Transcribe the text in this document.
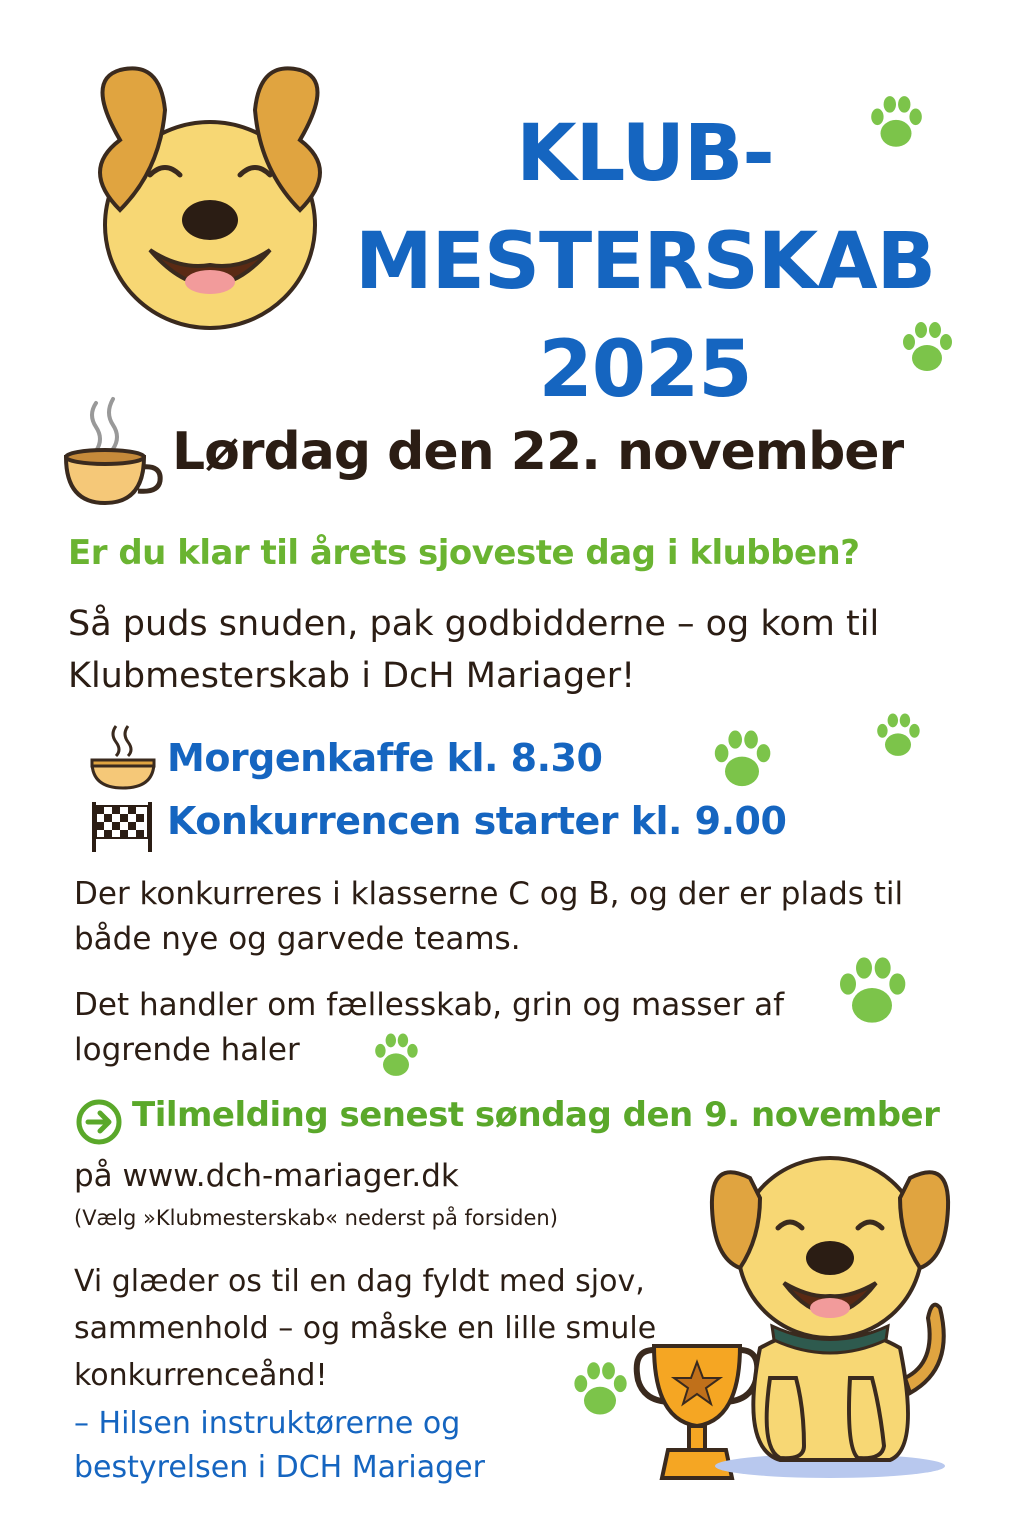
KLUB-
MESTERSKAB
2025
Lørdag den 22. november
Er du klar til årets sjoveste dag i klubben?
Så puds snuden, pak godbidderne – og kom til Klubmesterskab i DcH Mariager!
Morgenkaffe kl. 8.30
Konkurrencen starter kl. 9.00
Der konkurreres i klasserne C og B, og der er plads til både nye og garvede teams.
Det handler om fællesskab, grin og masser af logrende haler
Tilmelding senest søndag den 9. november
på www.dch-mariager.dk
(Vælg »Klubmesterskab« nederst på forsiden)
Vi glæder os til en dag fyldt med sjov, sammenhold – og måske en lille smule konkurrenceånd!
– Hilsen instruktørerne og bestyrelsen i DCH Mariager
